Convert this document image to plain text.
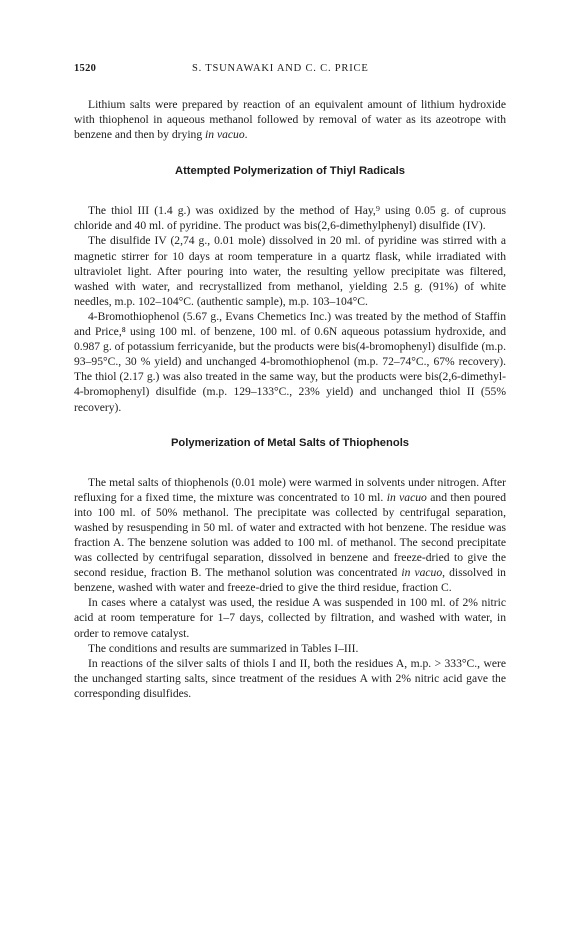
1520	S. TSUNAWAKI AND C. C. PRICE

Lithium salts were prepared by reaction of an equivalent amount of lithium hydroxide with thiophenol in aqueous methanol followed by removal of water as its azeotrope with benzene and then by drying in vacuo.

Attempted Polymerization of Thiyl Radicals

The thiol III (1.4 g.) was oxidized by the method of Hay,⁹ using 0.05 g. of cuprous chloride and 40 ml. of pyridine. The product was bis(2,6-dimethylphenyl) disulfide (IV).

The disulfide IV (2,74 g., 0.01 mole) dissolved in 20 ml. of pyridine was stirred with a magnetic stirrer for 10 days at room temperature in a quartz flask, while irradiated with ultraviolet light. After pouring into water, the resulting yellow precipitate was filtered, washed with water, and recrystallized from methanol, yielding 2.5 g. (91%) of white needles, m.p. 102–104°C. (authentic sample), m.p. 103–104°C.

4-Bromothiophenol (5.67 g., Evans Chemetics Inc.) was treated by the method of Staffin and Price,⁸ using 100 ml. of benzene, 100 ml. of 0.6N aqueous potassium hydroxide, and 0.987 g. of potassium ferricyanide, but the products were bis(4-bromophenyl) disulfide (m.p. 93–95°C., 30 % yield) and unchanged 4-bromothiophenol (m.p. 72–74°C., 67% recovery). The thiol (2.17 g.) was also treated in the same way, but the products were bis(2,6-dimethyl-4-bromophenyl) disulfide (m.p. 129–133°C., 23% yield) and unchanged thiol II (55% recovery).

Polymerization of Metal Salts of Thiophenols

The metal salts of thiophenols (0.01 mole) were warmed in solvents under nitrogen. After refluxing for a fixed time, the mixture was concentrated to 10 ml. in vacuo and then poured into 100 ml. of 50% methanol. The precipitate was collected by centrifugal separation, washed by resuspending in 50 ml. of water and extracted with hot benzene. The residue was fraction A. The benzene solution was added to 100 ml. of methanol. The second precipitate was collected by centrifugal separation, dissolved in benzene and freeze-dried to give the second residue, fraction B. The methanol solution was concentrated in vacuo, dissolved in benzene, washed with water and freeze-dried to give the third residue, fraction C.

In cases where a catalyst was used, the residue A was suspended in 100 ml. of 2% nitric acid at room temperature for 1–7 days, collected by filtration, and washed with water, in order to remove catalyst.

The conditions and results are summarized in Tables I–III.

In reactions of the silver salts of thiols I and II, both the residues A, m.p. > 333°C., were the unchanged starting salts, since treatment of the residues A with 2% nitric acid gave the corresponding disulfides.
